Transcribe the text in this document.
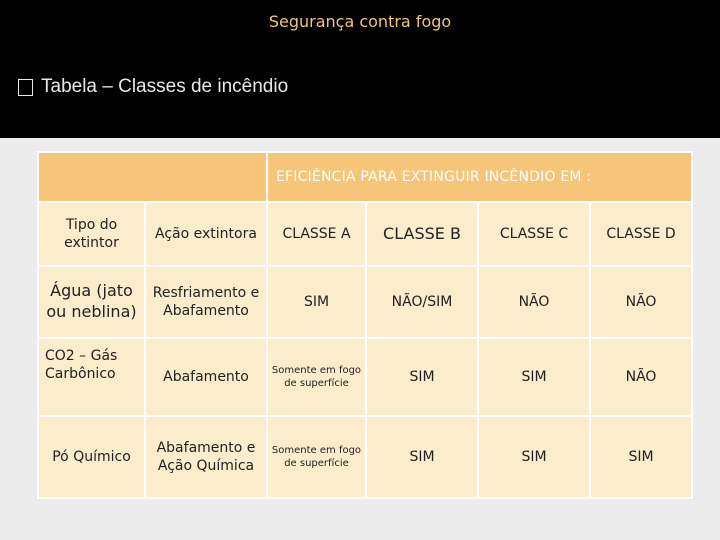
Segurança contra fogo
Tabela – Classes de incêndio
		EFICIÊNCIA PARA EXTINGUIR INCÊNDIO EM :			
Tipo do extintor	Ação extintora	CLASSE A	CLASSE B	CLASSE C	CLASSE D
Água (jato ou neblina)	Resfriamento e Abafamento	SIM	NÃO/SIM	NÃO	NÃO
CO2 – Gás Carbônico	Abafamento	Somente em fogo de superfície	SIM	SIM	NÃO
Pó Químico	Abafamento e Ação Química	Somente em fogo de superfície	SIM	SIM	SIM
